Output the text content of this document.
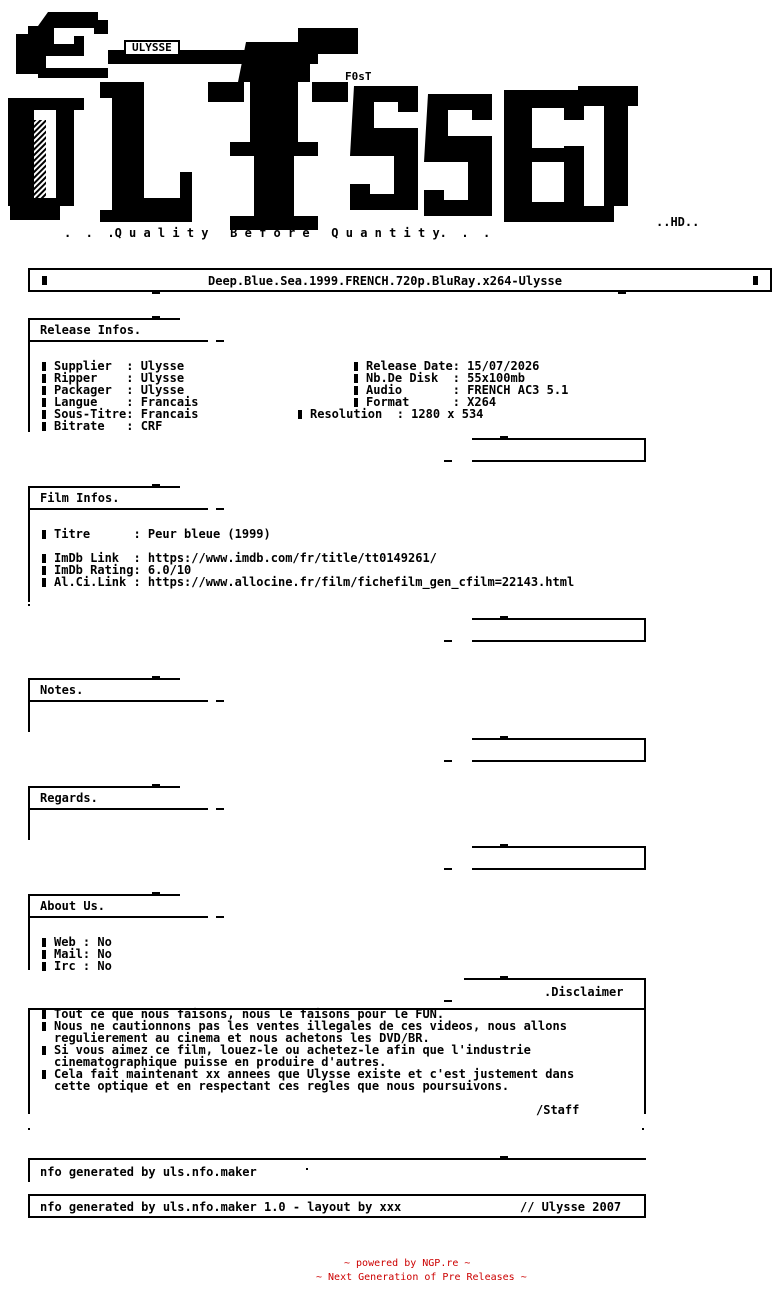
ULYSSE
F0sT
..HD..
.  .  .Q u a l i t y   B e f o r e   Q u a n t i t y.  .  .
Deep.Blue.Sea.1999.FRENCH.720p.BluRay.x264-Ulysse
Release Infos.
Supplier  : Ulysse
Ripper    : Ulysse
Packager  : Ulysse
Langue    : Francais
Sous-Titre: Francais
Bitrate   : CRF
Release Date: 15/07/2026
Nb.De Disk  : 55x100mb
Audio       : FRENCH AC3 5.1
Format      : X264
Resolution  : 1280 x 534
Film Infos.
Titre      : Peur bleue (1999)
ImDb Link  : https://www.imdb.com/fr/title/tt0149261/
ImDb Rating: 6.0/10
Al.Ci.Link : https://www.allocine.fr/film/fichefilm_gen_cfilm=22143.html
Notes.
Regards.
About Us.
Web : No
Mail: No
Irc : No
.Disclaimer
Tout ce que nous faisons, nous le faisons pour le FUN.
Nous ne cautionnons pas les ventes illegales de ces videos, nous allons
regulierement au cinema et nous achetons les DVD/BR.
Si vous aimez ce film, louez-le ou achetez-le afin que l'industrie
cinematographique puisse en produire d'autres.
Cela fait maintenant xx annees que Ulysse existe et c'est justement dans
cette optique et en respectant ces regles que nous poursuivons.
/Staff
nfo generated by uls.nfo.maker
nfo generated by uls.nfo.maker 1.0 - layout by xxx	// Ulysse 2007
~ powered by NGP.re ~
~ Next Generation of Pre Releases ~
